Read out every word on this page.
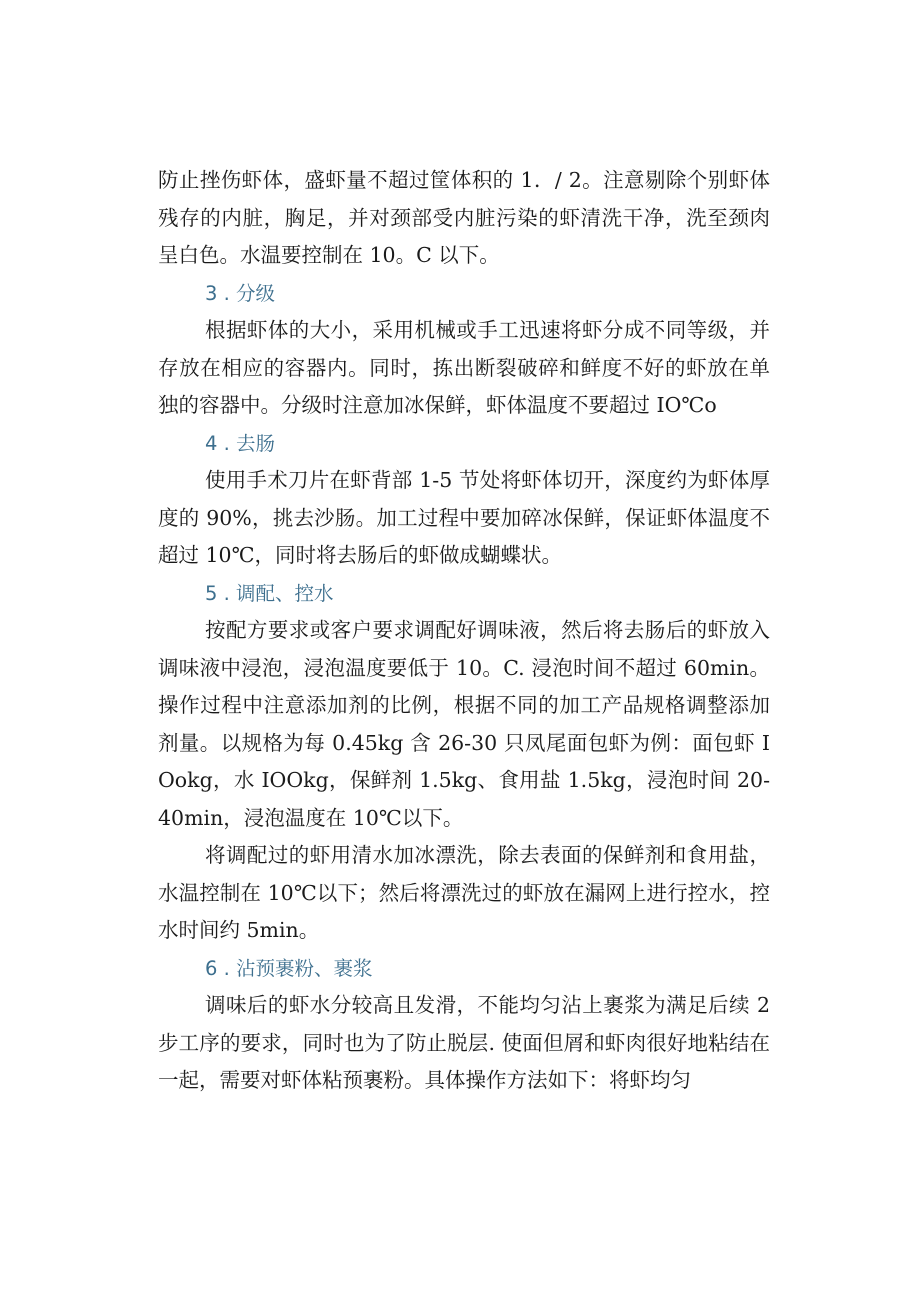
防止挫伤虾体，盛虾量不超过筐体积的 1．/ 2。注意剔除个别虾体残存的内脏，胸足，并对颈部受内脏污染的虾清洗干净，洗至颈肉呈白色。水温要控制在 10。C 以下。

3 . 分级

根据虾体的大小，采用机械或手工迅速将虾分成不同等级，并存放在相应的容器内。同时，拣出断裂破碎和鲜度不好的虾放在单独的容器中。分级时注意加冰保鲜，虾体温度不要超过 IO℃o

4 . 去肠

使用手术刀片在虾背部 1-5 节处将虾体切开，深度约为虾体厚度的 90%，挑去沙肠。加工过程中要加碎冰保鲜，保证虾体温度不超过 10℃，同时将去肠后的虾做成蝴蝶状。

5 . 调配、控水

按配方要求或客户要求调配好调味液，然后将去肠后的虾放入调味液中浸泡，浸泡温度要低于 10。C. 浸泡时间不超过 60min。操作过程中注意添加剂的比例，根据不同的加工产品规格调整添加剂量。以规格为每 0.45kg 含 26-30 只凤尾面包虾为例：面包虾 IOokg，水 IOOkg，保鲜剂 1.5kg、食用盐 1.5kg，浸泡时间 20-40min，浸泡温度在 10℃以下。

将调配过的虾用清水加冰漂洗，除去表面的保鲜剂和食用盐，水温控制在 10℃以下；然后将漂洗过的虾放在漏网上进行控水，控水时间约 5min。

6 . 沾预裹粉、裹浆

调味后的虾水分较高且发滑，不能均匀沾上裹浆为满足后续 2 步工序的要求，同时也为了防止脱层. 使面但屑和虾肉很好地粘结在一起，需要对虾体粘预裹粉。具体操作方法如下：将虾均匀
